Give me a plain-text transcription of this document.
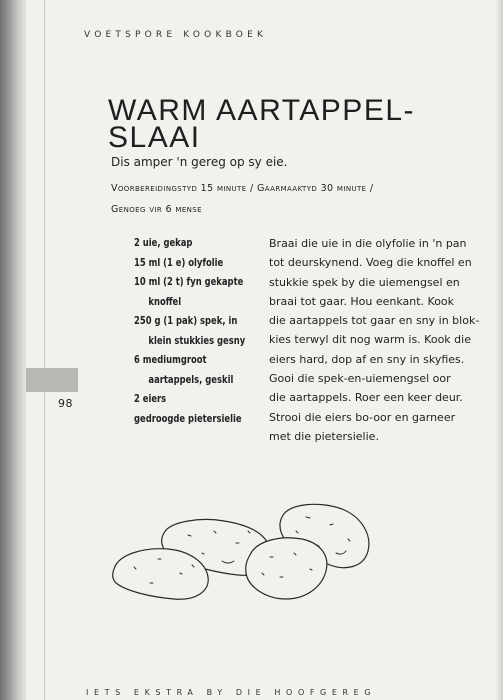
VOETSPORE KOOKBOEK
WARM AARTAPPEL-
SLAAI
Dis amper 'n gereg op sy eie.
Voorbereidingstyd 15 minute / Gaarmaaktyd 30 minute /
Genoeg vir 6 mense
98
2 uie, gekap
15 ml (1 e) olyfolie
10 ml (2 t) fyn gekapte
knoffel
250 g (1 pak) spek, in
klein stukkies gesny
6 mediumgroot
aartappels, geskil
2 eiers
gedroogde pietersielie
Braai die uie in die olyfolie in 'n pan
tot deurskynend. Voeg die knoffel en
stukkie spek by die uiemengsel en
braai tot gaar. Hou eenkant. Kook
die aartappels tot gaar en sny in blok-
kies terwyl dit nog warm is. Kook die
eiers hard, dop af en sny in skyfies.
Gooi die spek-en-uiemengsel oor
die aartappels. Roer een keer deur.
Strooi die eiers bo-oor en garneer
met die pietersielie.
IETS EKSTRA BY DIE HOOFGEREG
